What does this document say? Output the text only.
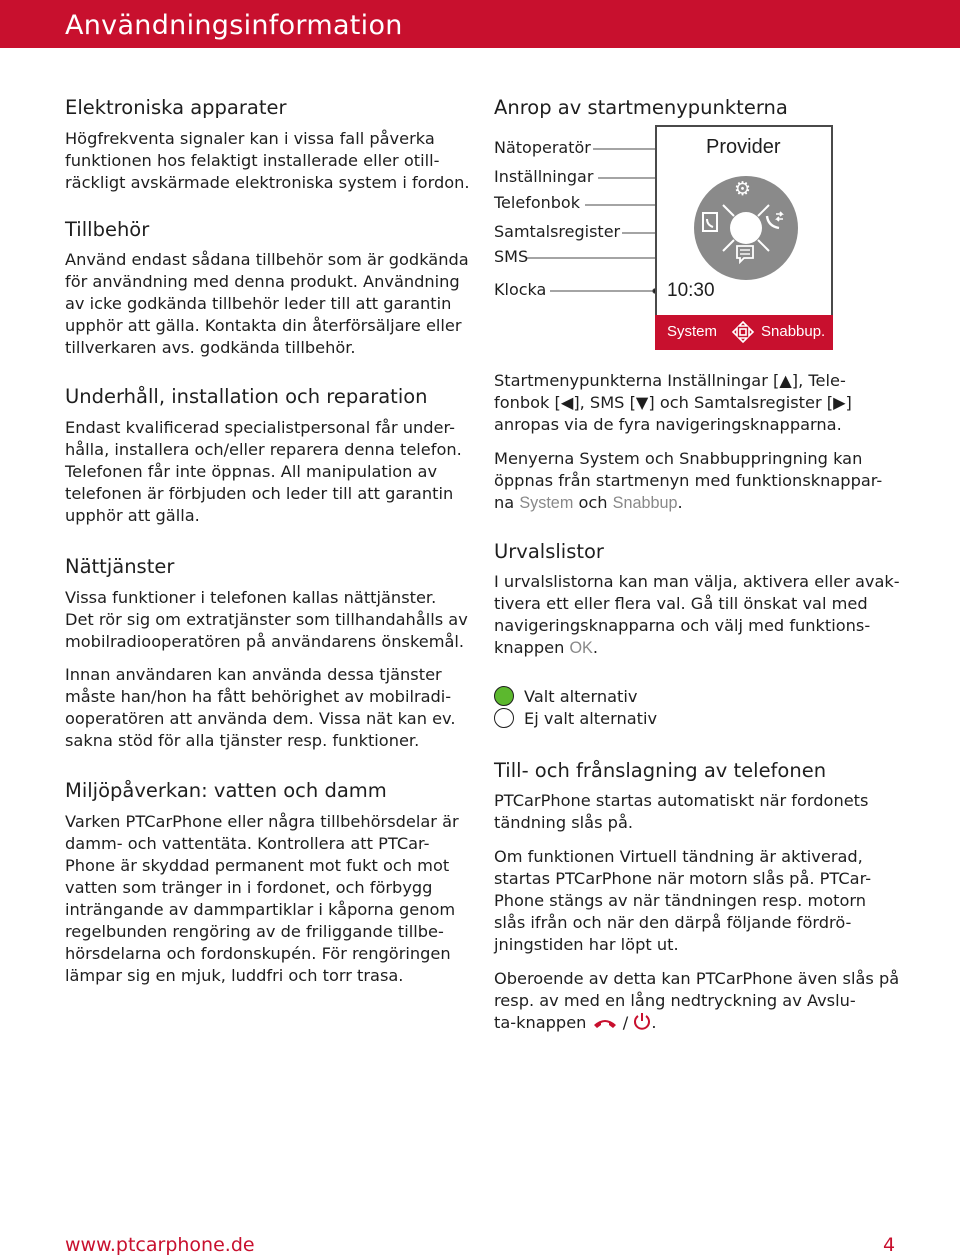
Användningsinformation
Elektroniska apparater

Högfrekventa signaler kan i vissa fall påverka
funktionen hos felaktigt installerade eller otill-
räckligt avskärmade elektroniska system i fordon.

Tillbehör

Använd endast sådana tillbehör som är godkända
för användning med denna produkt. Användning
av icke godkända tillbehör leder till att garantin
upphör att gälla. Kontakta din återförsäljare eller
tillverkaren avs. godkända tillbehör.

Underhåll, installation och reparation

Endast kvalificerad specialistpersonal får under-
hålla, installera och/eller reparera denna telefon.
Telefonen får inte öppnas. All manipulation av
telefonen är förbjuden och leder till att garantin
upphör att gälla.

Nättjänster

Vissa funktioner i telefonen kallas nättjänster.
Det rör sig om extratjänster som tillhandahålls av
mobilradiooperatören på användarens önskemål.

Innan användaren kan använda dessa tjänster
måste han/hon ha fått behörighet av mobilradi-
ooperatören att använda dem. Vissa nät kan ev.
sakna stöd för alla tjänster resp. funktioner.

Miljöpåverkan: vatten och damm

Varken PTCarPhone eller några tillbehörsdelar är
damm- och vattentäta. Kontrollera att PTCar-
Phone är skyddad permanent mot fukt och mot
vatten som tränger in i fordonet, och förbygg
inträngande av dammpartiklar i kåporna genom
regelbunden rengöring av de friliggande tillbe-
hörsdelarna och fordonskupén. För rengöringen
lämpar sig en mjuk, luddfri och torr trasa.

Anrop av startmenypunkterna
Nätoperatör
Inställningar
Telefonbok
Samtalsregister
SMS
Klocka
Provider
⚙
10:30
System	Snabbup.

Startmenypunkterna Inställningar [▲], Tele-
fonbok [◀], SMS [▼] och Samtalsregister [▶]
anropas via de fyra navigeringsknapparna.

Menyerna System och Snabbuppringning kan
öppnas från startmenyn med funktionsknappar-
na System och Snabbup.

Urvalslistor

I urvalslistorna kan man välja, aktivera eller avak-
tivera ett eller flera val. Gå till önskat val med
navigeringsknapparna och välj med funktions-
knappen OK.

Valt alternativ
Ej valt alternativ
Till- och frånslagning av telefonen

PTCarPhone startas automatiskt när fordonets
tändning slås på.

Om funktionen Virtuell tändning är aktiverad,
startas PTCarPhone när motorn slås på. PTCar-
Phone stängs av när tändningen resp. motorn
slås ifrån och när den därpå följande fördrö-
jningstiden har löpt ut.

Oberoende av detta kan PTCarPhone även slås på
resp. av med en lång nedtryckning av Avslu-
ta-knappen  / .

www.ptcarphone.de	4
